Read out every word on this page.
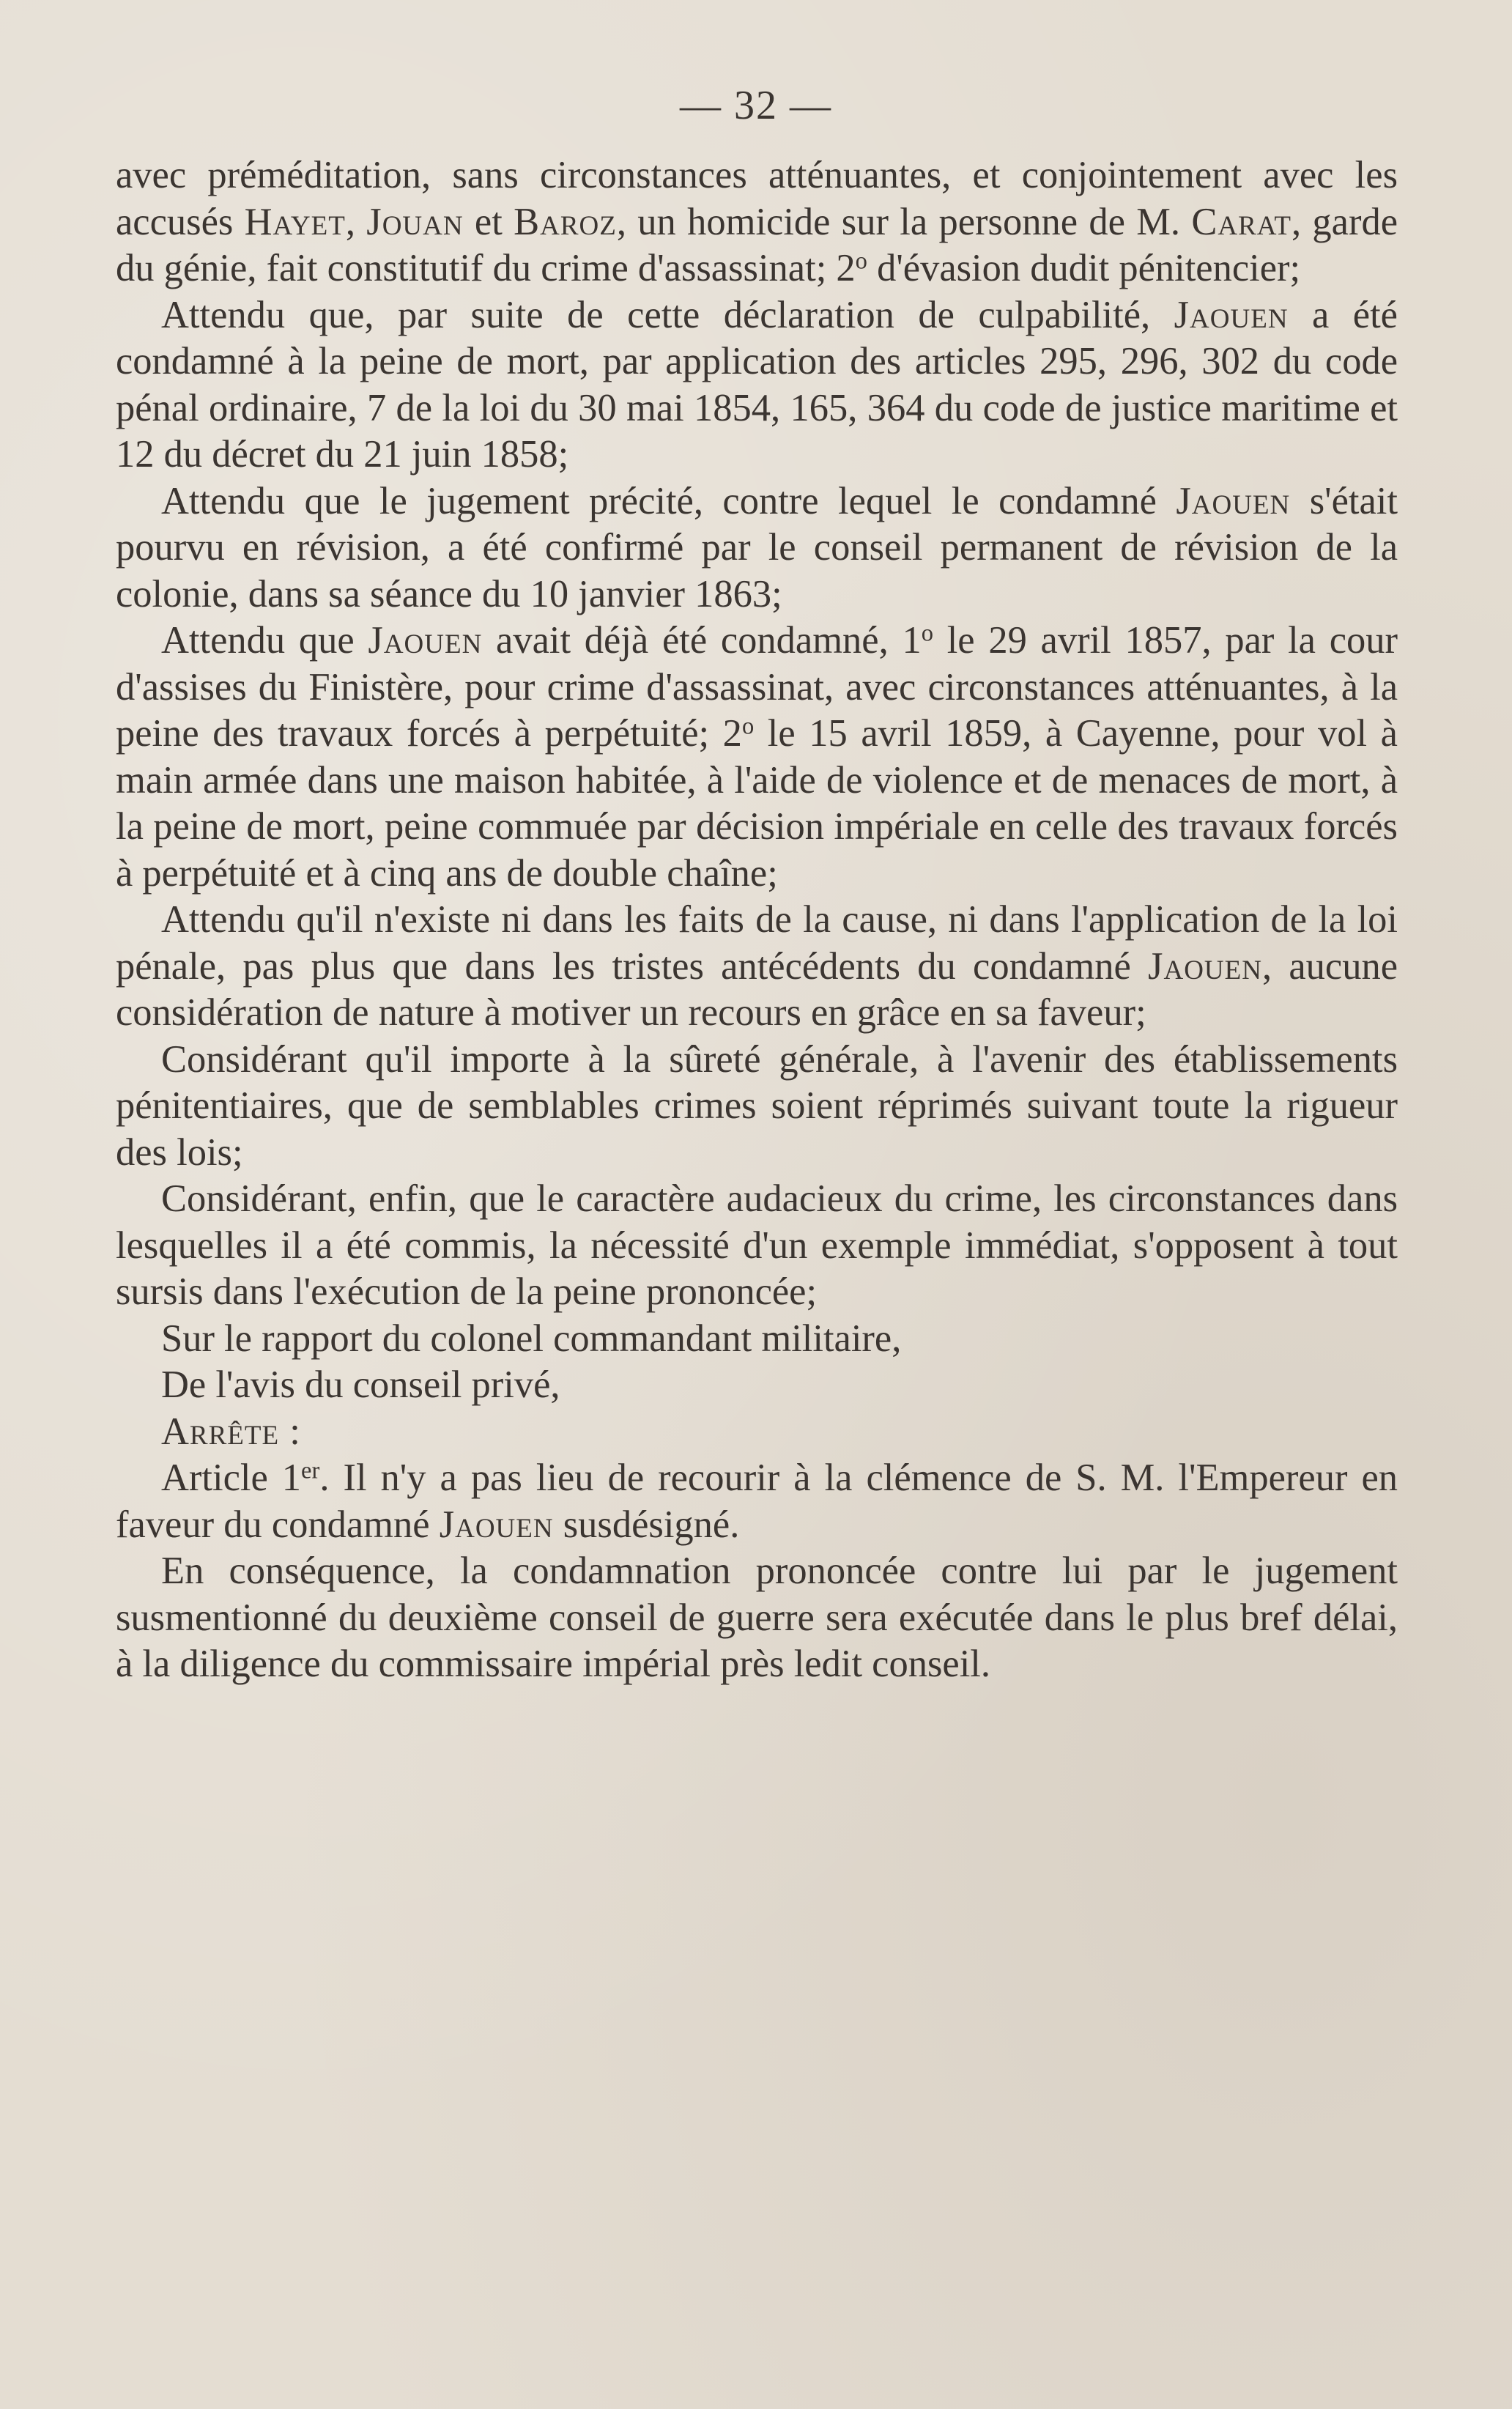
— 32 —

avec préméditation, sans circonstances atténuantes, et conjointement avec les accusés Hayet, Jouan et Baroz, un homicide sur la personne de M. Carat, garde du génie, fait constitutif du crime d'assassinat; 2$^o$ d'évasion dudit pénitencier;

Attendu que, par suite de cette déclaration de culpabilité, Jaouen a été condamné à la peine de mort, par application des articles 295, 296, 302 du code pénal ordinaire, 7 de la loi du 30 mai 1854, 165, 364 du code de justice maritime et 12 du décret du 21 juin 1858;

Attendu que le jugement précité, contre lequel le condamné Jaouen s'était pourvu en révision, a été confirmé par le conseil permanent de révision de la colonie, dans sa séance du 10 janvier 1863;

Attendu que Jaouen avait déjà été condamné, 1$^o$ le 29 avril 1857, par la cour d'assises du Finistère, pour crime d'assassinat, avec circonstances atténuantes, à la peine des travaux forcés à perpétuité; 2$^o$ le 15 avril 1859, à Cayenne, pour vol à main armée dans une maison habitée, à l'aide de violence et de menaces de mort, à la peine de mort, peine commuée par décision impériale en celle des travaux forcés à perpétuité et à cinq ans de double chaîne;

Attendu qu'il n'existe ni dans les faits de la cause, ni dans l'application de la loi pénale, pas plus que dans les tristes antécédents du condamné Jaouen, aucune considération de nature à motiver un recours en grâce en sa faveur;

Considérant qu'il importe à la sûreté générale, à l'avenir des établissements pénitentiaires, que de semblables crimes soient réprimés suivant toute la rigueur des lois;

Considérant, enfin, que le caractère audacieux du crime, les circonstances dans lesquelles il a été commis, la nécessité d'un exemple immédiat, s'opposent à tout sursis dans l'exécution de la peine prononcée;

Sur le rapport du colonel commandant militaire,

De l'avis du conseil privé,

Arrête :

Article 1er. Il n'y a pas lieu de recourir à la clémence de S. M. l'Empereur en faveur du condamné Jaouen susdésigné.

En conséquence, la condamnation prononcée contre lui par le jugement susmentionné du deuxième conseil de guerre sera exécutée dans le plus bref délai, à la diligence du commissaire impérial près ledit conseil.
